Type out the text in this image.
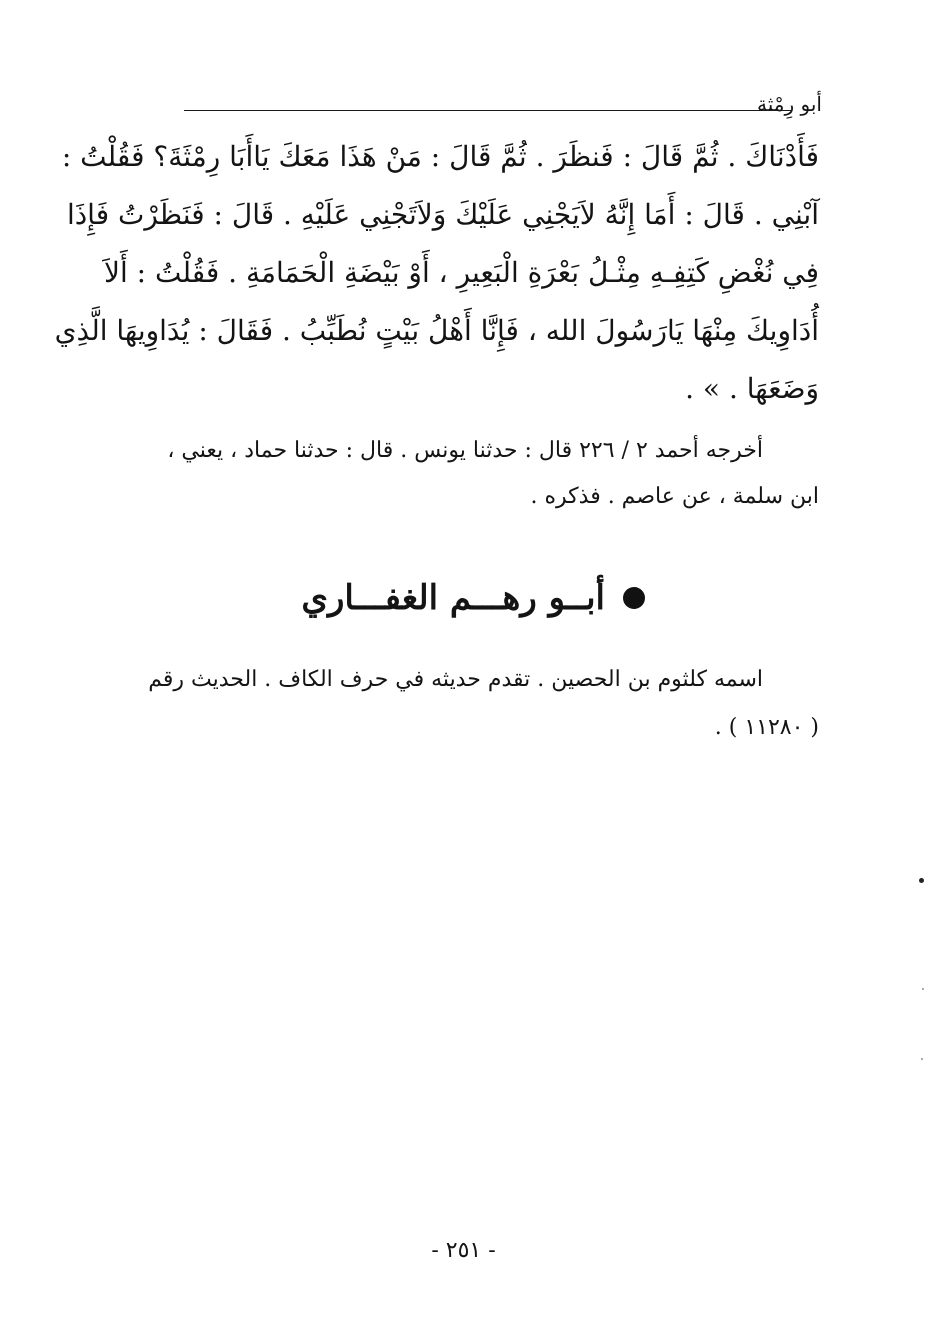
أبو رِمْثة
فَأَدْنَاكَ . ثُمَّ قَالَ : فَنظَرَ . ثُمَّ قَالَ : مَنْ هَذَا مَعَكَ يَاأَبَا رِمْثَةَ؟ فَقُلْتُ :
آبْنِي . قَالَ : أَمَا إِنَّهُ لاَيَجْنِي عَلَيْكَ وَلاَتَجْنِي عَلَيْهِ . قَالَ : فَنَظَرْتُ فَإِذَا
فِي نُغْضِ كَتِفِـهِ مِثْـلُ بَعْرَةِ الْبَعِيرِ ، أَوْ بَيْضَةِ الْحَمَامَةِ . فَقُلْتُ : أَلاَ
أُدَاوِيكَ مِنْهَا يَارَسُولَ الله ، فَإِنَّا أَهْلُ بَيْتٍ نُطَبِّبُ . فَقَالَ : يُدَاوِيهَا الَّذِي
وَضَعَهَا . » .
أخرجه أحمد ٢ / ٢٢٦ قال : حدثنا يونس . قال : حدثنا حماد ، يعني ،
ابن سلمة ، عن عاصم . فذكره .
أبــو رهـــم الغفـــاري
اسمه كلثوم بن الحصين . تقدم حديثه في حرف الكاف . الحديث رقم
( ١١٢٨٠ ) .
- ٢٥١ -
